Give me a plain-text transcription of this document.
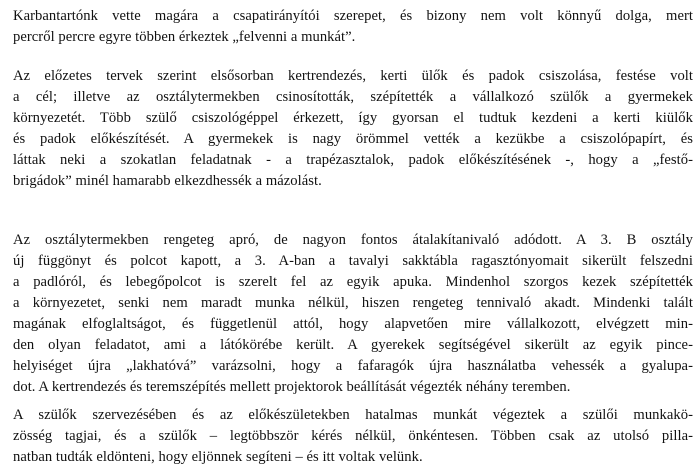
Karbantartónk vette magára a csapatirányítói szerepet, és bizony nem volt könnyű dolga, mert
percről percre egyre többen érkeztek „felvenni a munkát”.
Az előzetes tervek szerint elsősorban kertrendezés, kerti ülők és padok csiszolása, festése volt
a cél; illetve az osztálytermekben csinosították, szépítették a vállalkozó szülők a gyermekek
környezetét. Több szülő csiszológéppel érkezett, így gyorsan el tudtuk kezdeni a kerti kiülők
és padok előkészítését. A gyermekek is nagy örömmel vették a kezükbe a csiszolópapírt, és
láttak neki a szokatlan feladatnak - a trapézasztalok, padok előkészítésének -, hogy a „festő-
brigádok” minél hamarabb elkezdhessék a mázolást.
Az osztálytermekben rengeteg apró, de nagyon fontos átalakítanivaló adódott. A 3. B osztály
új függönyt és polcot kapott, a 3. A-ban a tavalyi sakktábla ragasztónyomait sikerült felszedni
a padlóról, és lebegőpolcot is szerelt fel az egyik apuka. Mindenhol szorgos kezek szépítették
a környezetet, senki nem maradt munka nélkül, hiszen rengeteg tennivaló akadt. Mindenki talált
magának elfoglaltságot, és függetlenül attól, hogy alapvetően mire vállalkozott, elvégzett min-
den olyan feladatot, ami a látókörébe került. A gyerekek segítségével sikerült az egyik pince-
helyiséget újra „lakhatóvá” varázsolni, hogy a fafaragók újra használatba vehessék a gyalupa-
dot. A kertrendezés és teremszépítés mellett projektorok beállítását végezték néhány teremben.
A szülők szervezésében és az előkészületekben hatalmas munkát végeztek a szülői munkakö-
zösség tagjai, és a szülők – legtöbbször kérés nélkül, önkéntesen. Többen csak az utolsó pilla-
natban tudták eldönteni, hogy eljönnek segíteni – és itt voltak velünk.
